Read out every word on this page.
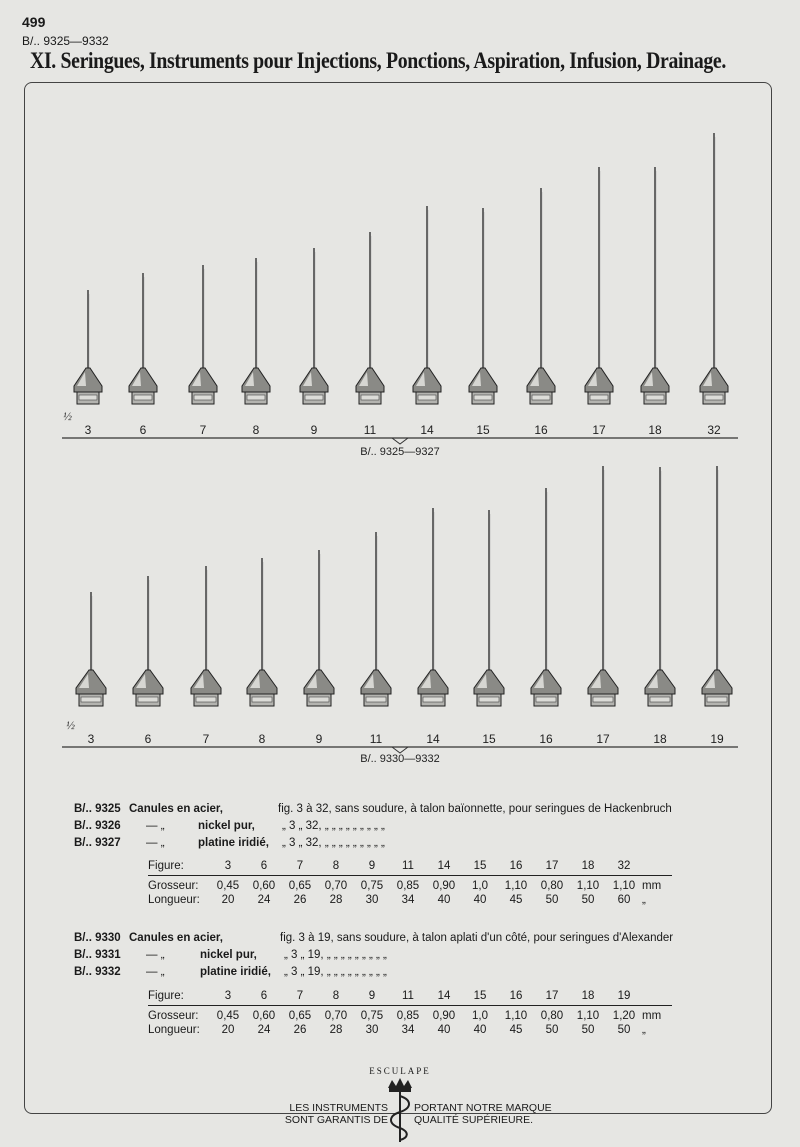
499
B/.. 9325—9332
XI. Seringues, Instruments pour Injections, Ponctions, Aspiration, Infusion, Drainage.
3	6	7	8	9	11	14	15	16	17	18	32
B/.. 9325—9327
½
3	6	7	8	9	11	14	15	16	17	18	19
B/.. 9330—9332
½
B/.. 9325 Canules en acier,	fig. 3 à 32, sans soudure, à talon baïonnette, pour seringues de Hackenbruch
B/.. 9326 — „	nickel pur, „ 3 „ 32, „ „ „ „ „ „ „ „ „
B/.. 9327 — „	platine iridié, „ 3 „ 32, „ „ „ „ „ „ „ „ „
Figure:	3	6	7	8	9	11	14	15	16	17	18	32	
Grosseur:	0,45	0,60	0,65	0,70	0,75	0,85	0,90	1,0	1,10	0,80	1,10	1,10	mm
Longueur:	20	24	26	28	30	34	40	40	45	50	50	60	„
B/.. 9330 Canules en acier,	fig. 3 à 19, sans soudure, à talon aplati d'un côté, pour seringues d'Alexander
B/.. 9331 — „	nickel pur, „ 3 „ 19, „ „ „ „ „ „ „ „ „
B/.. 9332 — „	platine iridié, „ 3 „ 19, „ „ „ „ „ „ „ „ „
Figure:	3	6	7	8	9	11	14	15	16	17	18	19	
Grosseur:	0,45	0,60	0,65	0,70	0,75	0,85	0,90	1,0	1,10	0,80	1,10	1,20	mm
Longueur:	20	24	26	28	30	34	40	40	45	50	50	50	„
ESCULAPE
LES INSTRUMENTS
SONT GARANTIS DE
PORTANT NOTRE MARQUE
QUALITÉ SUPÉRIEURE.
